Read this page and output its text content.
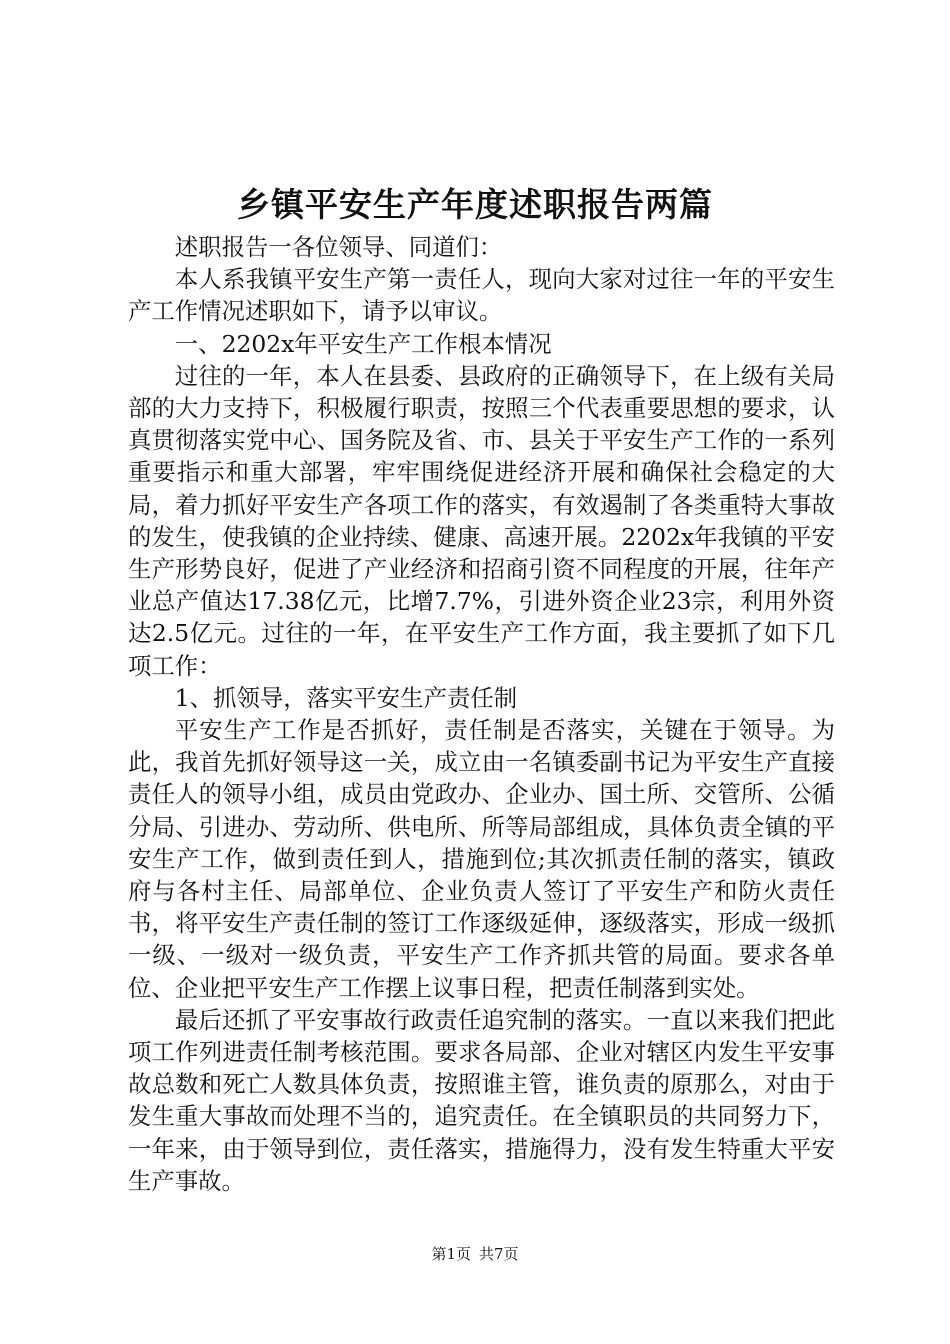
乡镇平安生产年度述职报告两篇

述职报告一各位领导、同道们：

本人系我镇平安生产第一责任人，现向大家对过往一年的平安生产工作情况述职如下，请予以审议。

一、2202x年平安生产工作根本情况

过往的一年，本人在县委、县政府的正确领导下，在上级有关局部的大力支持下，积极履行职责，按照三个代表重要思想的要求，认真贯彻落实党中心、国务院及省、市、县关于平安生产工作的一系列重要指示和重大部署，牢牢围绕促进经济开展和确保社会稳定的大局，着力抓好平安生产各项工作的落实，有效遏制了各类重特大事故的发生，使我镇的企业持续、健康、高速开展。2202x年我镇的平安生产形势良好，促进了产业经济和招商引资不同程度的开展，往年产业总产值达17.38亿元，比增7.7%，引进外资企业23宗，利用外资达2.5亿元。过往的一年，在平安生产工作方面，我主要抓了如下几项工作：

1、抓领导，落实平安生产责任制

平安生产工作是否抓好，责任制是否落实，关键在于领导。为此，我首先抓好领导这一关，成立由一名镇委副书记为平安生产直接责任人的领导小组，成员由党政办、企业办、国土所、交管所、公循分局、引进办、劳动所、供电所、所等局部组成，具体负责全镇的平安生产工作，做到责任到人，措施到位;其次抓责任制的落实，镇政府与各村主任、局部单位、企业负责人签订了平安生产和防火责任书，将平安生产责任制的签订工作逐级延伸，逐级落实，形成一级抓一级、一级对一级负责，平安生产工作齐抓共管的局面。要求各单位、企业把平安生产工作摆上议事日程，把责任制落到实处。

最后还抓了平安事故行政责任追究制的落实。一直以来我们把此项工作列进责任制考核范围。要求各局部、企业对辖区内发生平安事故总数和死亡人数具体负责，按照谁主管，谁负责的原那么，对由于发生重大事故而处理不当的，追究责任。在全镇职员的共同努力下，一年来，由于领导到位，责任落实，措施得力，没有发生特重大平安生产事故。

第1页 共7页
